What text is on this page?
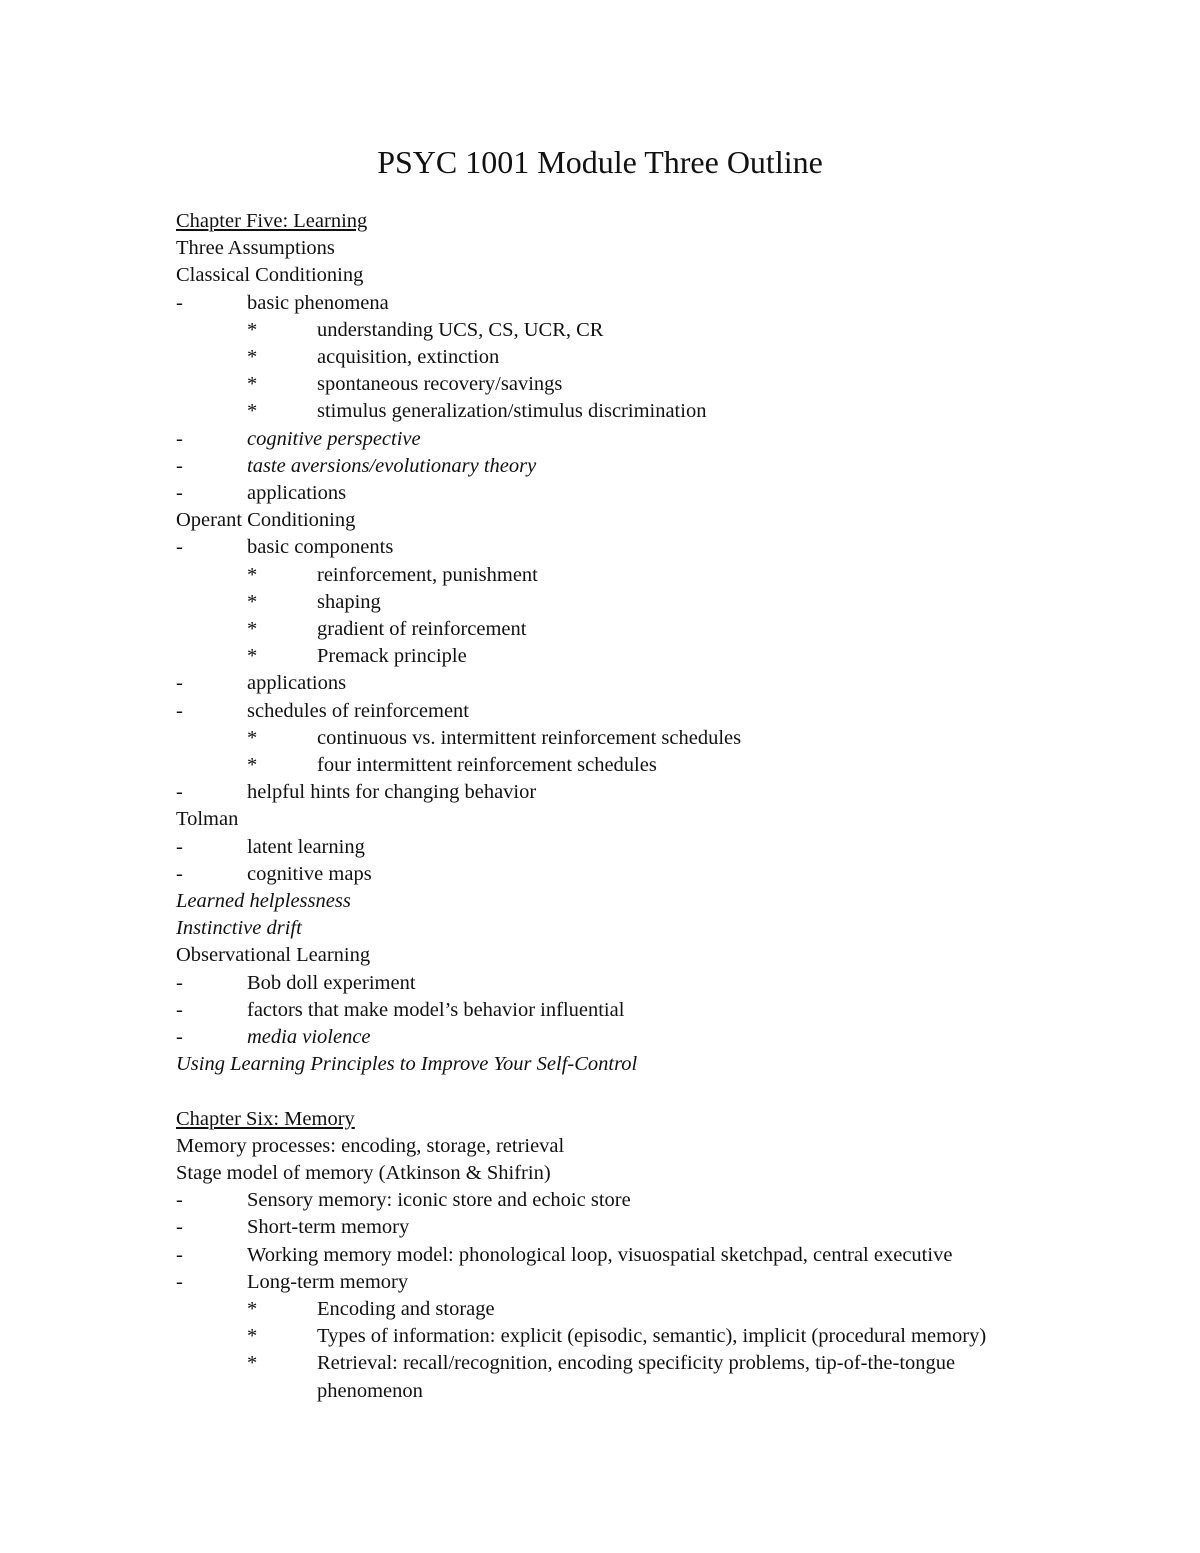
PSYC 1001 Module Three Outline
Chapter Five: Learning
Three Assumptions
Classical Conditioning
-	basic phenomena
*	understanding UCS, CS, UCR, CR
*	acquisition, extinction
*	spontaneous recovery/savings
*	stimulus generalization/stimulus discrimination
-	cognitive perspective
-	taste aversions/evolutionary theory
-	applications
Operant Conditioning
-	basic components
*	reinforcement, punishment
*	shaping
*	gradient of reinforcement
*	Premack principle
-	applications
-	schedules of reinforcement
*	continuous vs. intermittent reinforcement schedules
*	four intermittent reinforcement schedules
-	helpful hints for changing behavior
Tolman
-	latent learning
-	cognitive maps
Learned helplessness
Instinctive drift
Observational Learning
-	Bob doll experiment
-	factors that make model’s behavior influential
-	media violence
Using Learning Principles to Improve Your Self-Control
Chapter Six: Memory
Memory processes: encoding, storage, retrieval
Stage model of memory (Atkinson & Shifrin)
-	Sensory memory: iconic store and echoic store
-	Short-term memory
-	Working memory model: phonological loop, visuospatial sketchpad, central executive
-	Long-term memory
*	Encoding and storage
*	Types of information: explicit (episodic, semantic), implicit (procedural memory)
*	Retrieval: recall/recognition, encoding specificity problems, tip-of-the-tongue phenomenon
